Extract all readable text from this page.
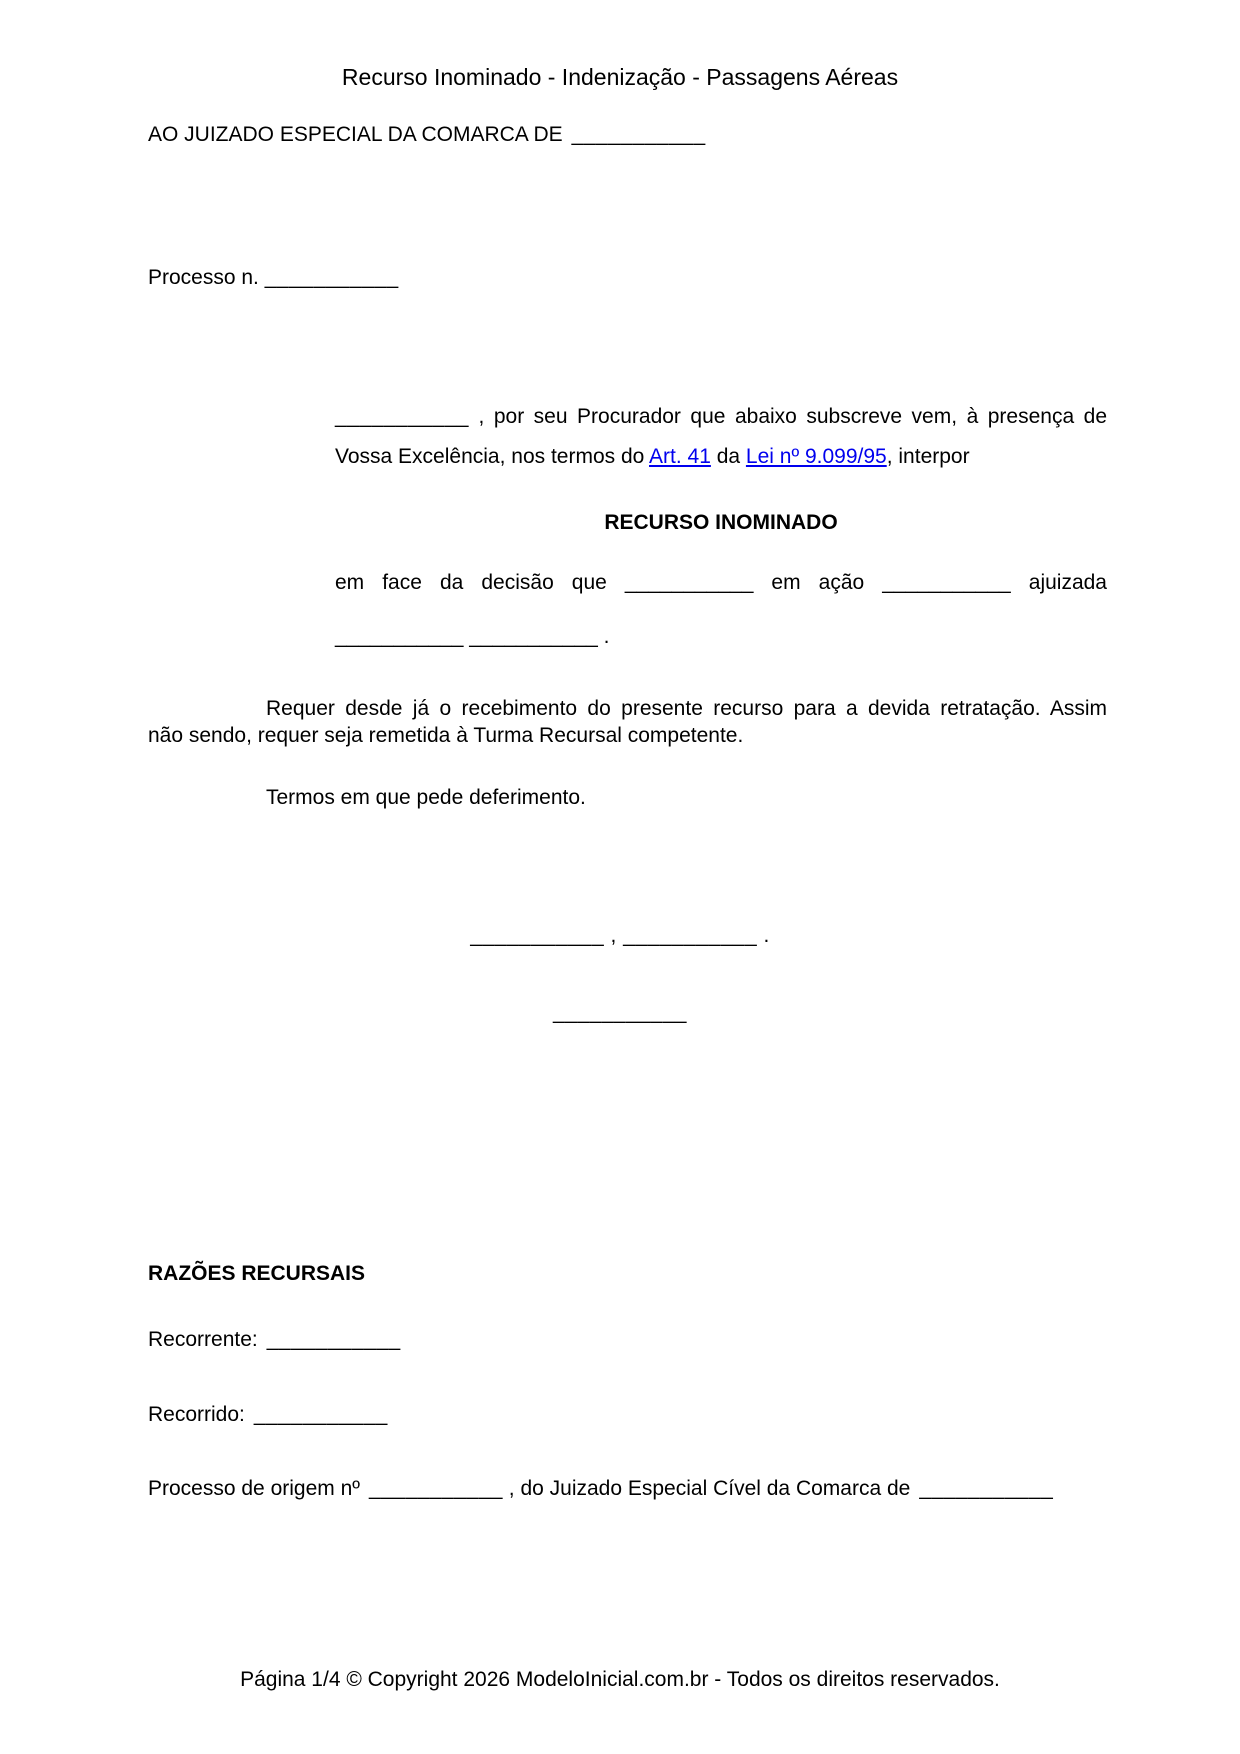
Recurso Inominado - Indenização - Passagens Aéreas
AO JUIZADO ESPECIAL DA COMARCA DE ___________
Processo n. ___________
___________ , por seu Procurador que abaixo subscreve vem, à presença de
Vossa Excelência, nos termos do Art. 41 da Lei nº 9.099/95, interpor
RECURSO INOMINADO
em face da decisão que ___________ em ação ___________ ajuizada
___________ ___________ .
Requer desde já o recebimento do presente recurso para a devida retratação. Assim
não sendo, requer seja remetida à Turma Recursal competente.
Termos em que pede deferimento.
___________ , ___________ .
___________
RAZÕES RECURSAIS
Recorrente: ___________
Recorrido: ___________
Processo de origem nº ___________ , do Juizado Especial Cível da Comarca de ___________
Página 1/4 © Copyright 2026 ModeloInicial.com.br - Todos os direitos reservados.
